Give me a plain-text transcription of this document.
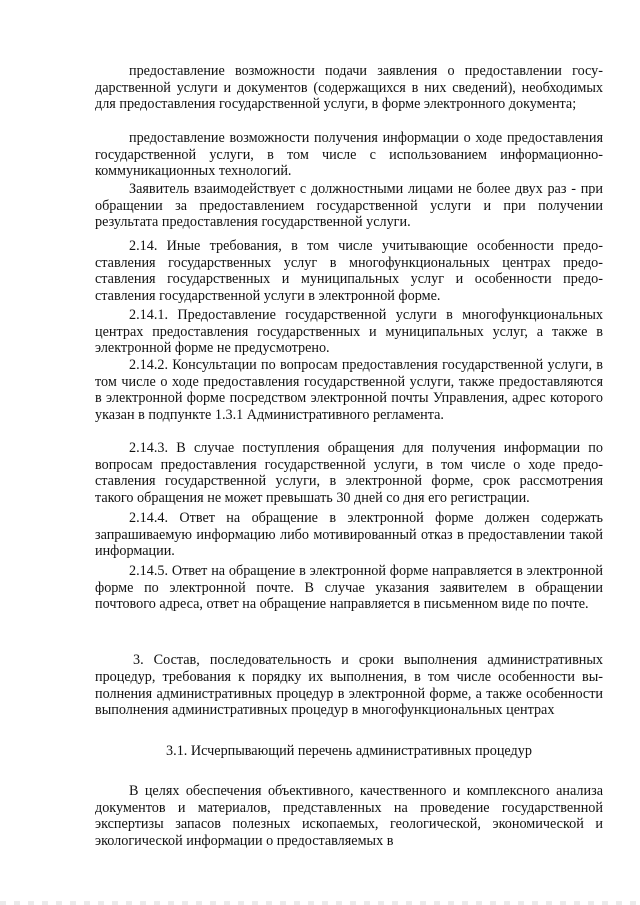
предоставление возможности подачи заявления о предоставлении государственной услуги и документов (содержащихся в них сведений), необходимых для предоставления государственной услуги, в форме электронного документа;

предоставление возможности получения информации о ходе предоставления государственной услуги, в том числе с использованием информационно-коммуникационных технологий.

Заявитель взаимодействует с должностными лицами не более двух раз - при обращении за предоставлением государственной услуги и при получении результата предоставления государственной услуги.

2.14. Иные требования, в том числе учитывающие особенности предоставления государственных услуг в многофункциональных центрах предоставления государственных и муниципальных услуг и особенности предоставления государственной услуги в электронной форме.

2.14.1. Предоставление государственной услуги в многофункциональных центрах предоставления государственных и муниципальных услуг, а также в электронной форме не предусмотрено.

2.14.2. Консультации по вопросам предоставления государственной услуги, в том числе о ходе предоставления государственной услуги, также предоставляются в электронной форме посредством электронной почты Управления, адрес которого указан в подпункте 1.3.1 Административного регламента.

2.14.3. В случае поступления обращения для получения информации по вопросам предоставления государственной услуги, в том числе о ходе предоставления государственной услуги, в электронной форме, срок рассмотрения такого обращения не может превышать 30 дней со дня его регистрации.

2.14.4. Ответ на обращение в электронной форме должен содержать запрашиваемую информацию либо мотивированный отказ в предоставлении такой информации.

2.14.5. Ответ на обращение в электронной форме направляется в электронной форме по электронной почте. В случае указания заявителем в обращении почтового адреса, ответ на обращение направляется в письменном виде по почте.

3. Состав, последовательность и сроки выполнения административных процедур, требования к порядку их выполнения, в том числе особенности выполнения административных процедур в электронной форме, а также особенности выполнения административных процедур в многофункциональных центрах

3.1. Исчерпывающий перечень административных процедур

В целях обеспечения объективного, качественного и комплексного анализа документов и материалов, представленных на проведение государственной экспертизы запасов полезных ископаемых, геологической, экономической и экологической информации о предоставляемых в
